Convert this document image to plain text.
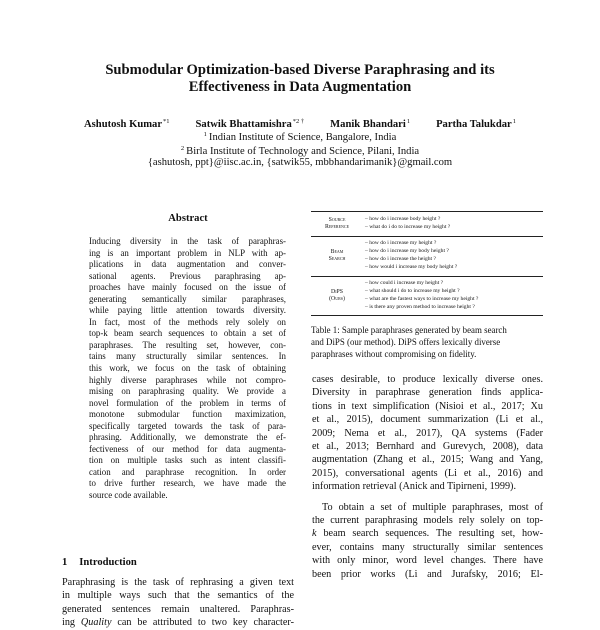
Submodular Optimization-based Diverse Paraphrasing and its
Effectiveness in Data Augmentation
Ashutosh Kumar$^{*1}$ Satwik Bhattamishra$^{*2 \dagger}$ Manik Bhandari$^1$ Partha Talukdar$^1$
$^1$ Indian Institute of Science, Bangalore, India
$^2$ Birla Institute of Technology and Science, Pilani, India
{ashutosh, ppt}@iisc.ac.in, {satwik55, mbbhandarimanik}@gmail.com
Abstract
Inducing diversity in the task of paraphras-
ing is an important problem in NLP with ap-
plications in data augmentation and conver-
sational agents. Previous paraphrasing ap-
proaches have mainly focused on the issue of
generating semantically similar paraphrases,
while paying little attention towards diversity.
In fact, most of the methods rely solely on
top-k beam search sequences to obtain a set of
paraphrases. The resulting set, however, con-
tains many structurally similar sentences. In
this work, we focus on the task of obtaining
highly diverse paraphrases while not compro-
mising on paraphrasing quality. We provide a
novel formulation of the problem in terms of
monotone submodular function maximization,
specifically targeted towards the task of para-
phrasing. Additionally, we demonstrate the ef-
fectiveness of our method for data augmenta-
tion on multiple tasks such as intent classifi-
cation and paraphrase recognition. In order
to drive further research, we have made the
source code available.
1 Introduction
Paraphrasing is the task of rephrasing a given text
in multiple ways such that the semantics of the
generated sentences remain unaltered. Paraphras-
ing Quality can be attributed to two key character-
Source
Reference
– how do i increase body height ?
– what do i do to increase my height ?
Beam
Search
– how do i increase my height ?
– how do i increase my body height ?
– how do i increase the height ?
– how would i increase my body height ?
DiPS
(Ours)
– how could i increase my height ?
– what should i do to increase my height ?
– what are the fastest ways to increase my height ?
– is there any proven method to increase height ?
Table 1: Sample paraphrases generated by beam search
and DiPS (our method). DiPS offers lexically diverse
paraphrases without compromising on fidelity.
cases desirable, to produce lexically diverse ones.
Diversity in paraphrase generation finds applica-
tions in text simplification (Nisioi et al., 2017; Xu
et al., 2015), document summarization (Li et al.,
2009; Nema et al., 2017), QA systems (Fader
et al., 2013; Bernhard and Gurevych, 2008), data
augmentation (Zhang et al., 2015; Wang and Yang,
2015), conversational agents (Li et al., 2016) and
information retrieval (Anick and Tipirneni, 1999).
To obtain a set of multiple paraphrases, most of
the current paraphrasing models rely solely on top-
k beam search sequences. The resulting set, how-
ever, contains many structurally similar sentences
with only minor, word level changes. There have
been prior works (Li and Jurafsky, 2016; El-
